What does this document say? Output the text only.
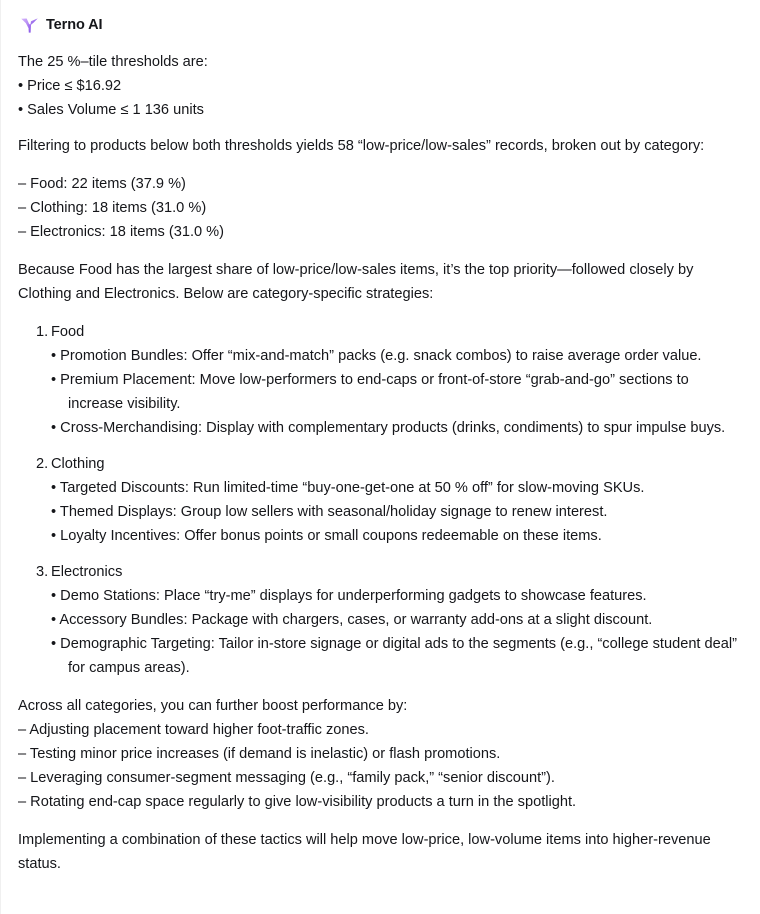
Terno AI
The 25 %–tile thresholds are:
• Price ≤ $16.92
• Sales Volume ≤ 1 136 units

Filtering to products below both thresholds yields 58 “low-price/low-sales” records, broken out by category:

– Food: 22 items (37.9 %)
– Clothing: 18 items (31.0 %)
– Electronics: 18 items (31.0 %)

Because Food has the largest share of low-price/low-sales items, it’s the top priority—followed closely by Clothing and Electronics. Below are category-specific strategies:

Food
• Promotion Bundles: Offer “mix-and-match” packs (e.g. snack combos) to raise average order value.
• Premium Placement: Move low-performers to end-caps or front-of-store “grab-and-go” sections to increase visibility.
• Cross-Merchandising: Display with complementary products (drinks, condiments) to spur impulse buys.
Clothing
• Targeted Discounts: Run limited-time “buy-one-get-one at 50 % off” for slow-moving SKUs.
• Themed Displays: Group low sellers with seasonal/holiday signage to renew interest.
• Loyalty Incentives: Offer bonus points or small coupons redeemable on these items.
Electronics
• Demo Stations: Place “try-me” displays for underperforming gadgets to showcase features.
• Accessory Bundles: Package with chargers, cases, or warranty add-ons at a slight discount.
• Demographic Targeting: Tailor in-store signage or digital ads to the segments (e.g., “college student deal” for campus areas).
Across all categories, you can further boost performance by:
– Adjusting placement toward higher foot-traffic zones.
– Testing minor price increases (if demand is inelastic) or flash promotions.
– Leveraging consumer-segment messaging (e.g., “family pack,” “senior discount”).
– Rotating end-cap space regularly to give low-visibility products a turn in the spotlight.

Implementing a combination of these tactics will help move low-price, low-volume items into higher-revenue status.
